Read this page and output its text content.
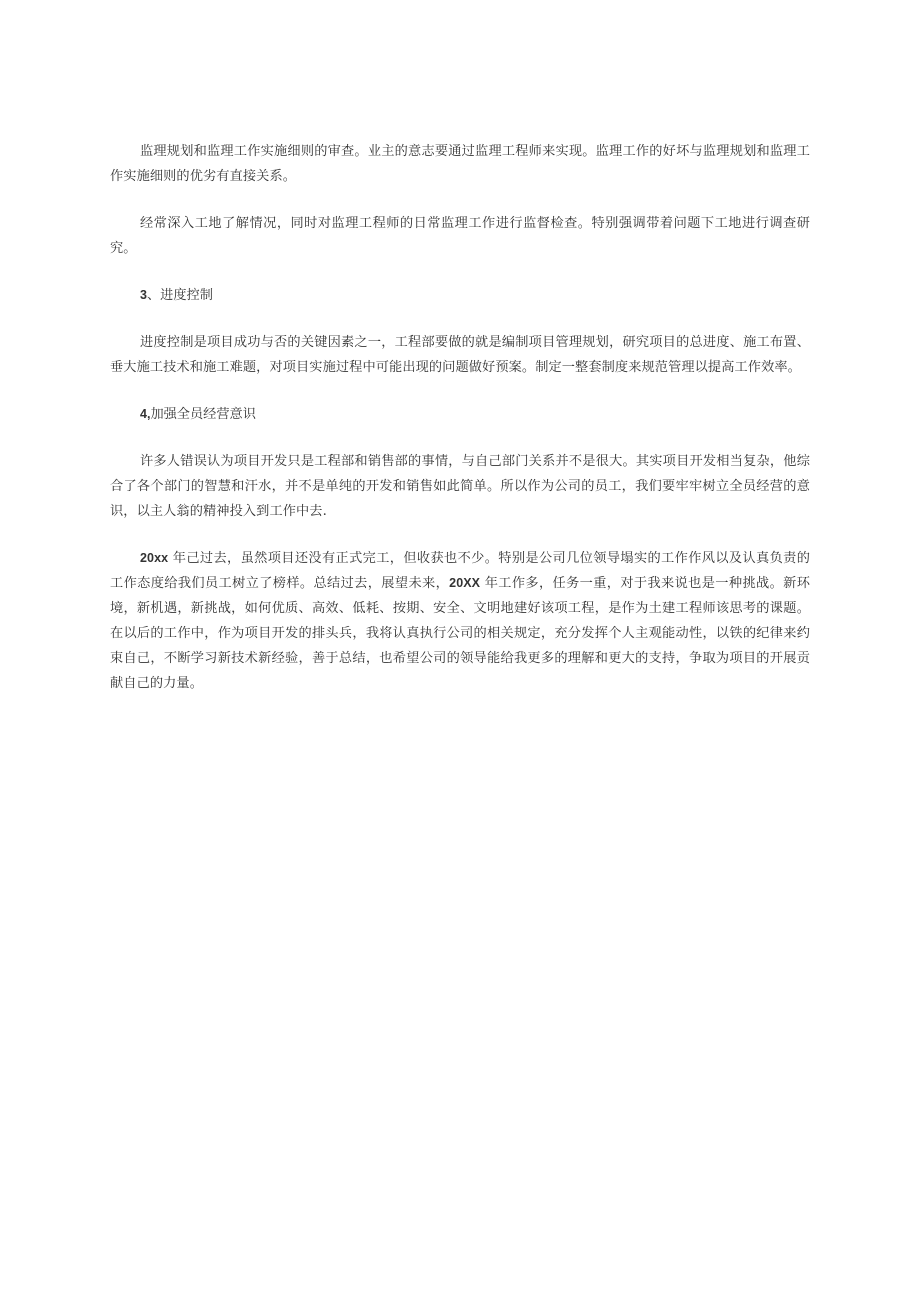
监理规划和监理工作实施细则的审查。业主的意志要通过监理工程师来实现。监理工作的好坏与监理规划和监理工作实施细则的优劣有直接关系。

经常深入工地了解情况，同时对监理工程师的日常监理工作进行监督检查。特别强调带着问题下工地进行调查研究。

3、进度控制

进度控制是项目成功与否的关键因素之一，工程部要做的就是编制项目管理规划，研究项目的总进度、施工布置、垂大施工技术和施工难题，对项目实施过程中可能出现的问题做好预案。制定一整套制度来规范管理以提高工作效率。

4,加强全员经营意识

许多人错误认为项目开发只是工程部和销售部的事情，与自己部门关系并不是很大。其实项目开发相当复杂，他综合了各个部门的智慧和汗水，并不是单纯的开发和销售如此简单。所以作为公司的员工，我们要牢牢树立全员经营的意识，以主人翁的精神投入到工作中去.

20xx 年己过去，虽然项目还没有正式完工，但收获也不少。特别是公司几位领导塌实的工作作风以及认真负责的工作态度给我们员工树立了榜样。总结过去，展望未来，20XX 年工作多，任务一重，对于我来说也是一种挑战。新环境，新机遇，新挑战，如何优质、高效、低耗、按期、安全、文明地建好该项工程，是作为土建工程师该思考的课题。在以后的工作中，作为项目开发的排头兵，我将认真执行公司的相关规定，充分发挥个人主观能动性，以铁的纪律来约束自己，不断学习新技术新经验，善于总结，也希望公司的领导能给我更多的理解和更大的支持，争取为项目的开展贡献自己的力量。
